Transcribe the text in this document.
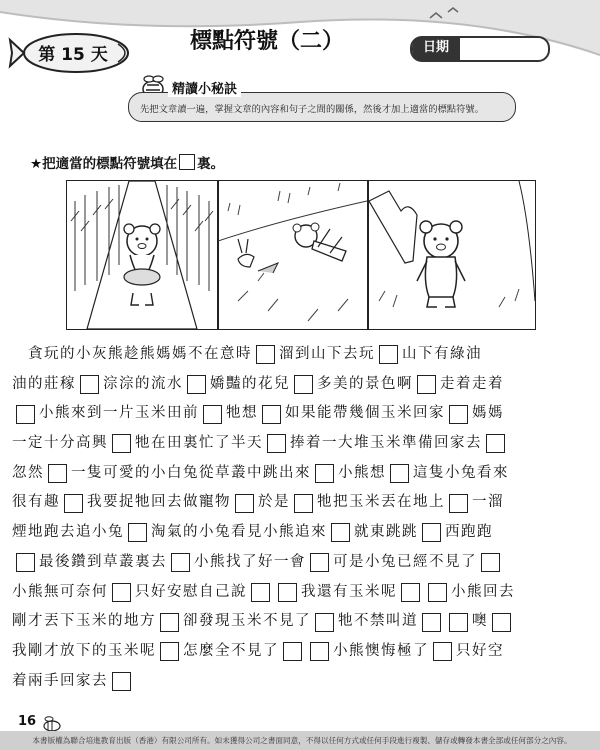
第 15 天
標點符號（二）	日期
精讀小秘訣
先把文章讀一遍，掌握文章的內容和句子之間的關係，然後才加上適當的標點符號。
★把適當的標點符號填在 裏。
　貪玩的小灰熊趁熊媽媽不在意時 溜到山下去玩 山下有綠油
油的莊稼 淙淙的流水 嬌豔的花兒 多美的景色啊 走着走着
小熊來到一片玉米田前 牠想 如果能帶幾個玉米回家 媽媽
一定十分高興 牠在田裏忙了半天 捧着一大堆玉米準備回家去
忽然 一隻可愛的小白兔從草叢中跳出來 小熊想 這隻小兔看來
很有趣 我要捉牠回去做寵物 於是 牠把玉米丟在地上 一溜
煙地跑去追小兔 淘氣的小兔看見小熊追來 就東跳跳 西跑跑
最後鑽到草叢裏去 小熊找了好一會 可是小兔已經不見了
小熊無可奈何 只好安慰自己說	我還有玉米呢	小熊回去
剛才丟下玉米的地方 卻發現玉米不見了 牠不禁叫道	噢
我剛才放下的玉米呢 怎麼全不見了	小熊懊悔極了 只好空
着兩手回家去
16
本書版權為聯合培進教育出版（香港）有限公司所有。如未獲得公司之書面同意，不得以任何方式或任何手段進行複製、儲存或轉發本書全部或任何部分之內容。
